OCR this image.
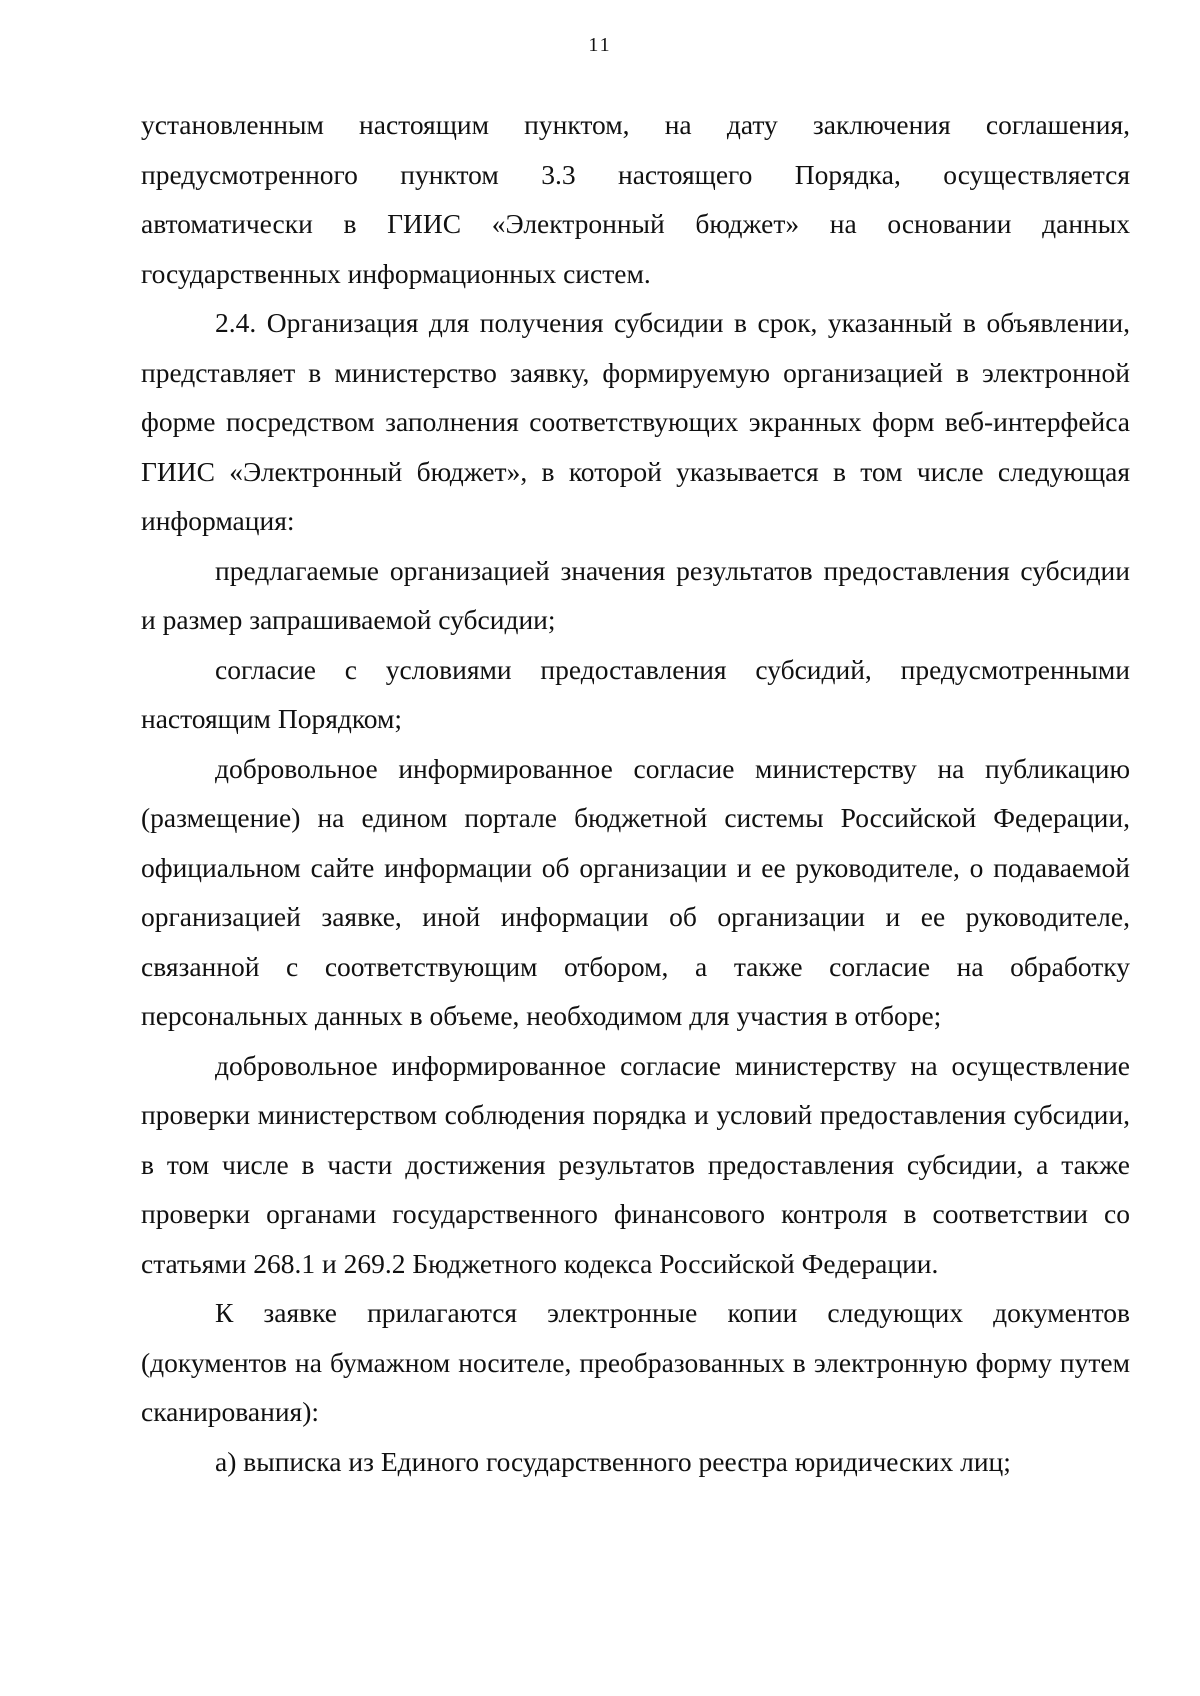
11

установленным настоящим пунктом, на дату заключения соглашения, предусмотренного пунктом 3.3 настоящего Порядка, осуществляется автоматически в ГИИС «Электронный бюджет» на основании данных государственных информационных систем.

2.4. Организация для получения субсидии в срок, указанный в объявлении, представляет в министерство заявку, формируемую организацией в электронной форме посредством заполнения соответствующих экранных форм веб-интерфейса ГИИС «Электронный бюджет», в которой указывается в том числе следующая информация:

предлагаемые организацией значения результатов предоставления субсидии и размер запрашиваемой субсидии;

согласие с условиями предоставления субсидий, предусмотренными настоящим Порядком;

добровольное информированное согласие министерству на публикацию (размещение) на едином портале бюджетной системы Российской Федерации, официальном сайте информации об организации и ее руководителе, о подаваемой организацией заявке, иной информации об организации и ее руководителе, связанной с соответствующим отбором, а также согласие на обработку персональных данных в объеме, необходимом для участия в отборе;

добровольное информированное согласие министерству на осуществление проверки министерством соблюдения порядка и условий предоставления субсидии, в том числе в части достижения результатов предоставления субсидии, а также проверки органами государственного финансового контроля в соответствии со статьями 268.1 и 269.2 Бюджетного кодекса Российской Федерации.

К заявке прилагаются электронные копии следующих документов (документов на бумажном носителе, преобразованных в электронную форму путем сканирования):

а) выписка из Единого государственного реестра юридических лиц;
